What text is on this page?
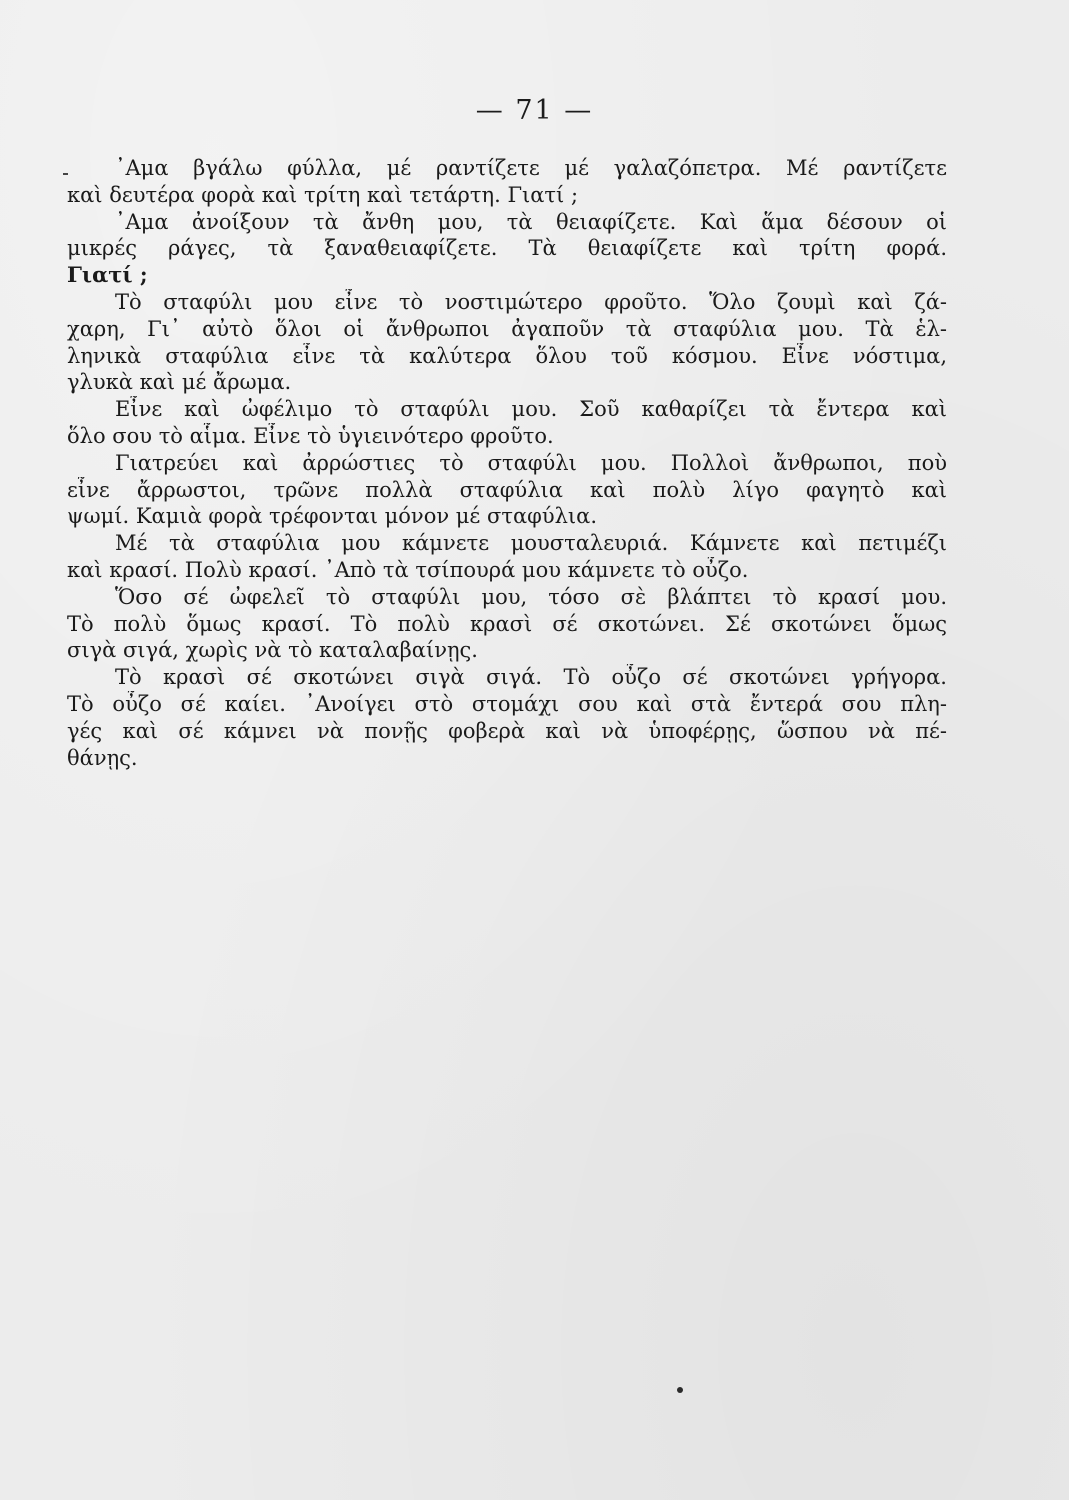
— 71 —
᾿Αμα βγάλω φύλλα, μέ ραντίζετε μέ γαλαζόπετρα. Μέ ραντίζετε
καὶ δευτέρα φορὰ καὶ τρίτη καὶ τετάρτη. Γιατί ;
᾿Αμα ἀνοίξουν τὰ ἄνθη μου, τὰ θειαφίζετε. Καὶ ἅμα δέσουν οἱ
μικρές ράγες, τὰ ξαναθειαφίζετε. Τὰ θειαφίζετε καὶ τρίτη φορά.
Γιατί ;
Τὸ σταφύλι μου εἶνε τὸ νοστιμώτερο φροῦτο. Ὅλο ζουμὶ καὶ ζά-
χαρη, Γι᾿ αὐτὸ ὅλοι οἱ ἄνθρωποι ἀγαποῦν τὰ σταφύλια μου. Τὰ ἑλ-
ληνικὰ σταφύλια εἶνε τὰ καλύτερα ὅλου τοῦ κόσμου. Εἶνε νόστιμα,
γλυκὰ καὶ μέ ἄρωμα.
Εἶνε καὶ ὠφέλιμο τὸ σταφύλι μου. Σοῦ καθαρίζει τὰ ἔντερα καὶ
ὅλο σου τὸ αἷμα. Εἶνε τὸ ὑγιεινότερο φροῦτο.
Γιατρεύει καὶ ἀρρώστιες τὸ σταφύλι μου. Πολλοὶ ἄνθρωποι, ποὺ
εἶνε ἄρρωστοι, τρῶνε πολλὰ σταφύλια καὶ πολὺ λίγο φαγητὸ καὶ
ψωμί. Καμιὰ φορὰ τρέφονται μόνον μέ σταφύλια.
Μέ τὰ σταφύλια μου κάμνετε μουσταλευριά. Κάμνετε καὶ πετιμέζι
καὶ κρασί. Πολὺ κρασί. ᾿Απὸ τὰ τσίπουρά μου κάμνετε τὸ οὖζο.
Ὅσο σέ ὠφελεῖ τὸ σταφύλι μου, τόσο σὲ βλάπτει τὸ κρασί μου.
Τὸ πολὺ ὅμως κρασί. Τὸ πολὺ κρασὶ σέ σκοτώνει. Σέ σκοτώνει ὅμως
σιγὰ σιγά, χωρὶς νὰ τὸ καταλαβαίνῃς.
Τὸ κρασὶ σέ σκοτώνει σιγὰ σιγά. Τὸ οὖζο σέ σκοτώνει γρήγορα.
Τὸ οὖζο σέ καίει. ᾿Ανοίγει στὸ στομάχι σου καὶ στὰ ἔντερά σου πλη-
γές καὶ σέ κάμνει νὰ πονῇς φοβερὰ καὶ νὰ ὑποφέρῃς, ὥσπου νὰ πέ-
θάνῃς.
